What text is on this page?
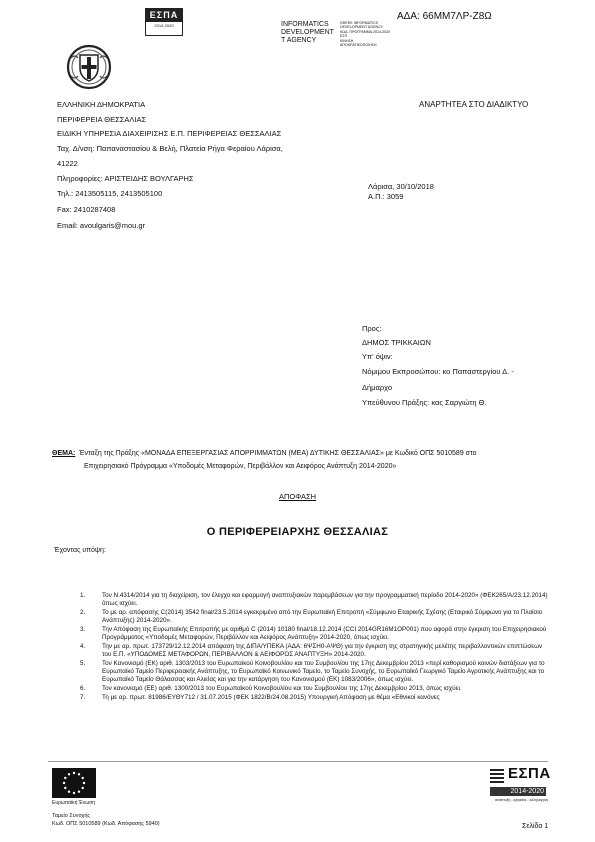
ΕΣΠΑ
2014-2020	INFORMATICS
DEVELOPMENT
T AGENCY
GREEK INFORMATICS
DEVELOPMENT AGENCY
ΚΩΔ. ΠΡΟΓΡΑΜΜΑ 2014-2020
ΕΣΠ
ΚΙΝΗΣΗ
ΑΠΟΚΡΑΤΙΚΟΠΟΙΗΣΗ
ΑΔΑ: 66ΜΜ7ΛΡ-Ζ8Ω
ΕΛΛΗΝΙΚΗ ΔΗΜΟΚΡΑΤΙΑ
ΠΕΡΙΦΕΡΕΙΑ ΘΕΣΣΑΛΙΑΣ
ΕΙΔΙΚΗ ΥΠΗΡΕΣΙΑ ΔΙΑΧΕΙΡΙΣΗΣ Ε.Π. ΠΕΡΙΦΕΡΕΙΑΣ ΘΕΣΣΑΛΙΑΣ
Ταχ. Δ/νση: Παπαναστασίου & Βελή, Πλατεία Ρήγα Φεραίου Λάρισα,
41222
Πληροφορίες: ΑΡΙΣΤΕΙΔΗΣ ΒΟΥΛΓΑΡΗΣ
Τηλ.: 2413505115, 2413505100
Fax: 2410287408
Email: avoulgaris@mou.gr
ΑΝΑΡΤΗΤΕΑ ΣΤΟ ΔΙΑΔΙΚΤΥΟ
Λάρισα, 30/10/2018
Α.Π.: 3059
Προς:
ΔΗΜΟΣ ΤΡΙΚΚΑΙΩΝ
Υπ' όψιν:
Νόμιμου Εκπροσώπου: κο Παπαστεργίου Δ. -
Δήμαρχο
Υπεύθυνου Πράξης: κας Σαργιώτη Θ.
ΘΕΜΑ: Ένταξη της Πράξης «ΜΟΝΑΔΑ ΕΠΕΞΕΡΓΑΣΙΑΣ ΑΠΟΡΡΙΜΜΑΤΩΝ (ΜΕΑ) ΔΥΤΙΚΗΣ ΘΕΣΣΑΛΙΑΣ» με Κωδικό ΟΠΣ 5010589 στο
Επιχειρησιακό Πρόγραμμα «Υποδομές Μεταφορών, Περιβάλλον και Αειφόρος Ανάπτυξη 2014-2020»
ΑΠΟΦΑΣΗ
Ο ΠΕΡΙΦΕΡΕΙΑΡΧΗΣ ΘΕΣΣΑΛΙΑΣ
Έχοντας υπόψη:
1.	Τον Ν.4314/2014 για τη διαχείριση, τον έλεγχο και εφαρμογή αναπτυξιακών παρεμβάσεων για την προγραμματική περίοδο 2014-2020» (ΦΕΚ265/Α/23.12.2014) όπως ισχύει.
2.	Το με αρ. απόφασης C(2014) 3542 final/23.5.2014 εγκεκριμένο από την Ευρωπαϊκή Επιτροπή «Σύμφωνο Εταιρικής Σχέσης (Εταιρικό Σύμφωνο για το Πλαίσιο Ανάπτυξης) 2014-2020».
3.	Την Απόφαση της Ευρωπαϊκής Επιτροπής με αριθμό C (2014) 10180 final/18.12.2014 (CCI 2014GR16M1OP001) που αφορά στην έγκριση του Επιχειρησιακού Προγράμματος «Υποδομές Μεταφορών, Περιβάλλον και Αειφόρος Ανάπτυξη» 2014-2020, όπως ισχύει.
4.	Την με αρ. πρωτ. 173729/12.12.2014 απόφαση της ΔΙΠΑ/ΥΠΕΚΑ (ΑΔΑ: 6ΨΣΗ0-ΑΨΘ) για την έγκριση της στρατηγικής μελέτης περιβαλλοντικών επιπτώσεων του Ε.Π. «ΥΠΟΔΟΜΕΣ ΜΕΤΑΦΟΡΩΝ, ΠΕΡΙΒΑΛΛΟΝ & ΑΕΙΦΟΡΟΣ ΑΝΑΠΤΥΞΗ» 2014-2020.
5.	Τον Κανονισμό (ΕΚ) αριθ. 1303/2013 του Ευρωπαϊκού Κοινοβουλίου και του Συμβουλίου της 17ης Δεκεμβρίου 2013 «περί καθορισμού κοινών διατάξεων για το Ευρωπαϊκό Ταμείο Περιφερειακής Ανάπτυξης, το Ευρωπαϊκό Κοινωνικό Ταμείο, το Ταμείο Συνοχής, το Ευρωπαϊκό Γεωργικό Ταμείο Αγροτικής Ανάπτυξης και το Ευρωπαϊκό Ταμείο Θάλασσας και Αλιείας και για την κατάργηση του Κανονισμού (ΕΚ) 1083/2006», όπως ισχύει.
6.	Τον κανονισμό (ΕΕ) αριθ. 1300/2013 του Ευρωπαϊκού Κοινοβουλίου και του Συμβουλίου της 17ης Δεκεμβρίου 2013, όπως ισχύει.
7.	Τη με αρ. πρωτ. 81986/ΕΥΘΥ712 / 31.07.2015 (ΦΕΚ 1822/Β/24.08.2015) Υπουργική Απόφαση με θέμα «Εθνικοί κανόνες
Ευρωπαϊκή Ένωση
Ταμείο Συνοχής
Κωδ. ΟΠΣ 5010589 (Κωδ. Απόφασης 5940)	Σελίδα 1
ΕΣΠΑ
2014-2020
ανάπτυξη - εργασία - αλληλεγγύη
